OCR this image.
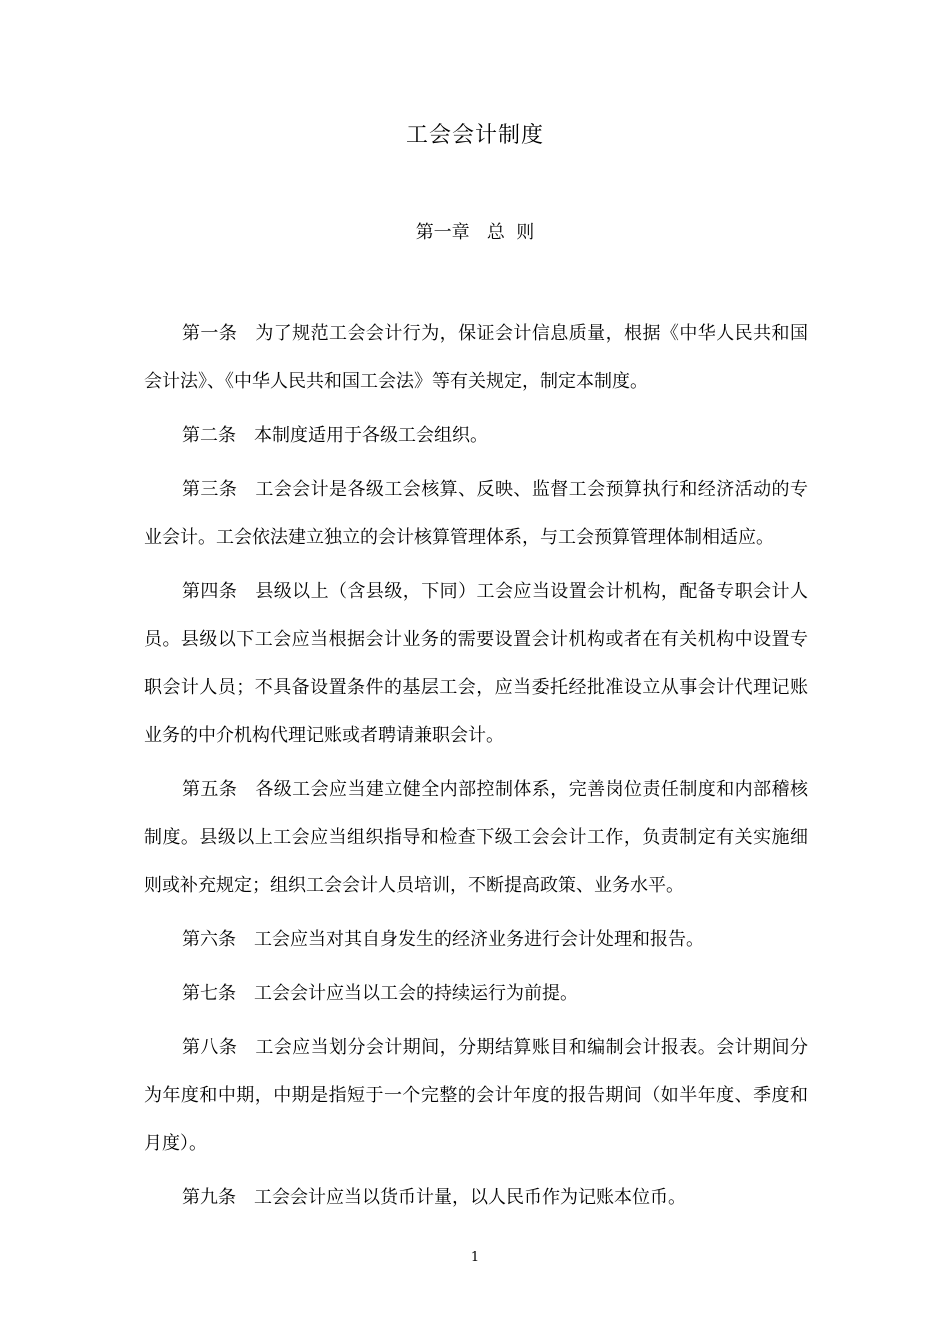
工会会计制度
第一章   总  则

第一条 为了规范工会会计行为，保证会计信息质量，根据《中华人民共和国会计法》、《中华人民共和国工会法》等有关规定，制定本制度。

第二条 本制度适用于各级工会组织。

第三条 工会会计是各级工会核算、反映、监督工会预算执行和经济活动的专业会计。工会依法建立独立的会计核算管理体系，与工会预算管理体制相适应。

第四条 县级以上（含县级，下同）工会应当设置会计机构，配备专职会计人员。县级以下工会应当根据会计业务的需要设置会计机构或者在有关机构中设置专职会计人员；不具备设置条件的基层工会，应当委托经批准设立从事会计代理记账业务的中介机构代理记账或者聘请兼职会计。

第五条 各级工会应当建立健全内部控制体系，完善岗位责任制度和内部稽核制度。县级以上工会应当组织指导和检查下级工会会计工作，负责制定有关实施细则或补充规定；组织工会会计人员培训，不断提高政策、业务水平。

第六条 工会应当对其自身发生的经济业务进行会计处理和报告。

第七条 工会会计应当以工会的持续运行为前提。

第八条 工会应当划分会计期间，分期结算账目和编制会计报表。会计期间分为年度和中期，中期是指短于一个完整的会计年度的报告期间（如半年度、季度和月度）。

第九条 工会会计应当以货币计量，以人民币作为记账本位币。

1
